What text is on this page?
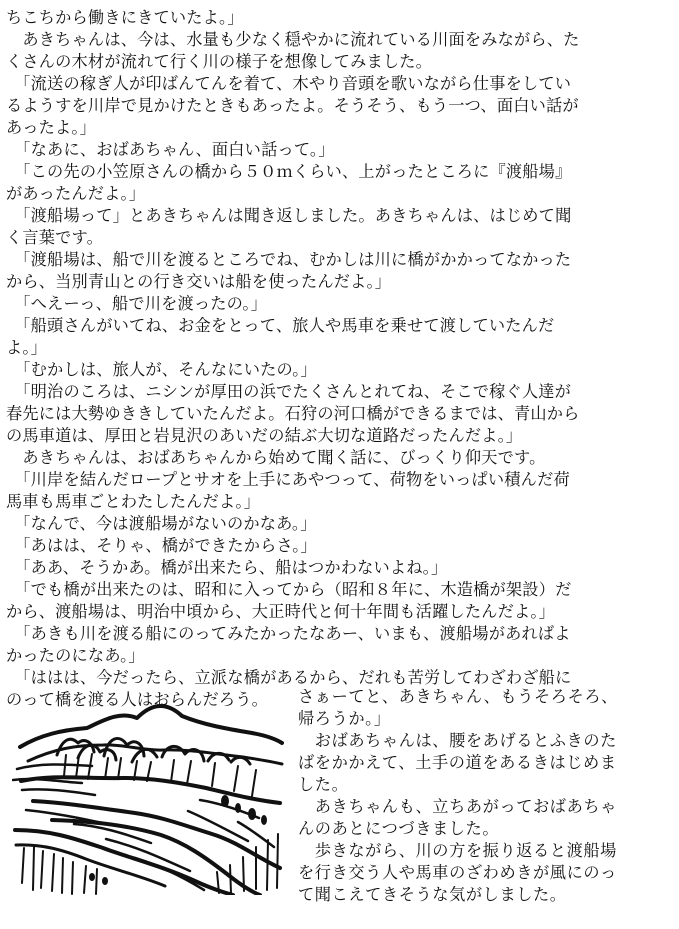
ちこちから働きにきていたよ。」
　あきちゃんは、今は、水量も少なく穏やかに流れている川面をみながら、た
くさんの木材が流れて行く川の様子を想像してみました。
　「流送の稼ぎ人が印ばんてんを着て、木やり音頭を歌いながら仕事をしてい
るようすを川岸で見かけたときもあったよ。そうそう、もう一つ、面白い話が
あったよ。」
　「なあに、おばあちゃん、面白い話って。」
　「この先の小笠原さんの橋から５０ｍくらい、上がったところに『渡船場』
があったんだよ。」
　「渡船場って」とあきちゃんは聞き返しました。あきちゃんは、はじめて聞
く言葉です。
　「渡船場は、船で川を渡るところでね、むかしは川に橋がかかってなかった
から、当別青山との行き交いは船を使ったんだよ。」
　「へえーっ、船で川を渡ったの。」
　「船頭さんがいてね、お金をとって、旅人や馬車を乗せて渡していたんだ
よ。」
　「むかしは、旅人が、そんなにいたの。」
　「明治のころは、ニシンが厚田の浜でたくさんとれてね、そこで稼ぐ人達が
春先には大勢ゆききしていたんだよ。石狩の河口橋ができるまでは、青山から
の馬車道は、厚田と岩見沢のあいだの結ぶ大切な道路だったんだよ。」
　あきちゃんは、おばあちゃんから始めて聞く話に、びっくり仰天です。
　「川岸を結んだロープとサオを上手にあやつって、荷物をいっぱい積んだ荷
馬車も馬車ごとわたしたんだよ。」
　「なんで、今は渡船場がないのかなあ。」
　「あはは、そりゃ、橋ができたからさ。」
　「ああ、そうかあ。橋が出来たら、船はつかわないよね。」
　「でも橋が出来たのは、昭和に入ってから（昭和８年に、木造橋が架設）だ
から、渡船場は、明治中頃から、大正時代と何十年間も活躍したんだよ。」
　「あきも川を渡る船にのってみたかったなあー、いまも、渡船場があればよ
かったのになあ。」
　「ははは、今だったら、立派な橋があるから、だれも苦労してわざわざ船に
のって橋を渡る人はおらんだろう。	さぁーてと、あきちゃん、もうそろそろ、
帰ろうか。」
　おばあちゃんは、腰をあげるとふきのた
ばをかかえて、土手の道をあるきはじめま
した。
　あきちゃんも、立ちあがっておばあちゃ
んのあとにつづきました。
　歩きながら、川の方を振り返ると渡船場
を行き交う人や馬車のざわめきが風にのっ
て聞こえてきそうな気がしました。
